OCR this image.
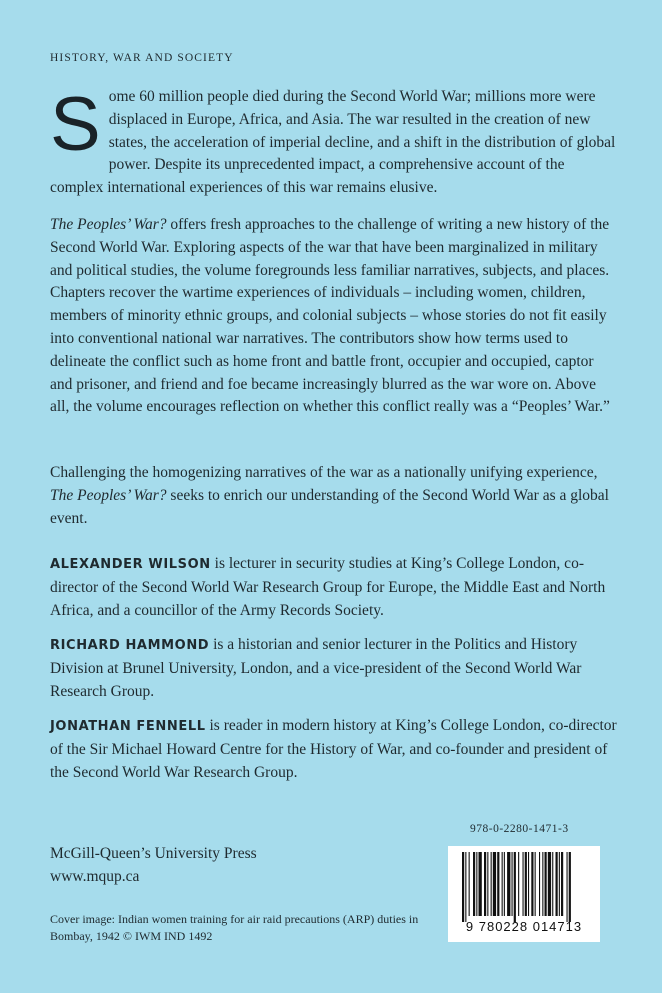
HISTORY, WAR AND SOCIETY

Some 60 million people died during the Second World War; millions more were displaced in Europe, Africa, and Asia. The war resulted in the creation of new states, the acceleration of imperial decline, and a shift in the distribution of global power. Despite its unprecedented impact, a comprehensive account of the complex international experiences of this war remains elusive.

The Peoples’ War? offers fresh approaches to the challenge of writing a new history of the Second World War. Exploring aspects of the war that have been marginalized in military and political studies, the volume foregrounds less familiar narratives, subjects, and places. Chapters recover the wartime experiences of individuals – including women, children, members of minority ethnic groups, and colonial subjects – whose stories do not fit easily into conventional national war narratives. The contributors show how terms used to delineate the conflict such as home front and battle front, occupier and occupied, captor and prisoner, and friend and foe became increasingly blurred as the war wore on. Above all, the volume encourages reflection on whether this conflict really was a “Peoples’ War.”

Challenging the homogenizing narratives of the war as a nationally unifying experience, The Peoples’ War? seeks to enrich our understanding of the Second World War as a global event.

ALEXANDER WILSON is lecturer in security studies at King’s College London, co-director of the Second World War Research Group for Europe, the Middle East and North Africa, and a councillor of the Army Records Society.

RICHARD HAMMOND is a historian and senior lecturer in the Politics and History Division at Brunel University, London, and a vice-president of the Second World War Research Group.

JONATHAN FENNELL is reader in modern history at King’s College London, co-director of the Sir Michael Howard Centre for the History of War, and co-founder and president of the Second World War Research Group.

978-0-2280-1471-3
McGill-Queen’s University Press
www.mqup.ca
Cover image: Indian women training for air raid precautions (ARP) duties in Bombay, 1942 © IWM IND 1492
9 780228 014713
